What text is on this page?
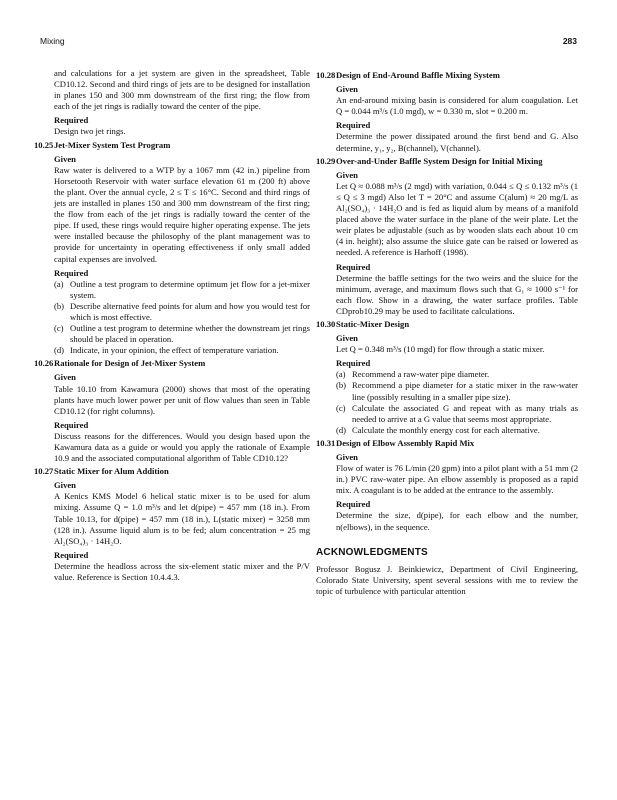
Mixing	283

and calculations for a jet system are given in the spreadsheet, Table CD10.12. Second and third rings of jets are to be designed for installation in planes 150 and 300 mm downstream of the first ring; the flow from each of the jet rings is radially toward the center of the pipe.

Required

Design two jet rings.

10.25 Jet-Mixer System Test Program
Given

Raw water is delivered to a WTP by a 1067 mm (42 in.) pipeline from Horsetooth Reservoir with water surface elevation 61 m (200 ft) above the plant. Over the annual cycle, 2 ≤ T ≤ 16°C. Second and third rings of jets are installed in planes 150 and 300 mm downstream of the first ring; the flow from each of the jet rings is radially toward the center of the pipe. If used, these rings would require higher operating expense. The jets were installed because the philosophy of the plant management was to provide for uncertainty in operating effectiveness if only small added capital expenses are involved.

Required
(a) Outline a test program to determine optimum jet flow for a jet-mixer system.
(b) Describe alternative feed points for alum and how you would test for which is most effective.
(c) Outline a test program to determine whether the downstream jet rings should be placed in operation.
(d) Indicate, in your opinion, the effect of temperature variation.
10.26 Rationale for Design of Jet-Mixer System
Given

Table 10.10 from Kawamura (2000) shows that most of the operating plants have much lower power per unit of flow values than seen in Table CD10.12 (for right columns).

Required

Discuss reasons for the differences. Would you design based upon the Kawamura data as a guide or would you apply the rationale of Example 10.9 and the associated computational algorithm of Table CD10.12?

10.27 Static Mixer for Alum Addition
Given

A Kenics KMS Model 6 helical static mixer is to be used for alum mixing. Assume Q = 1.0 m³/s and let d(pipe) = 457 mm (18 in.). From Table 10.13, for d(pipe) = 457 mm (18 in.), L(static mixer) = 3258 mm (128 in.). Assume liquid alum is to be fed; alum concentration = 25 mg Al₂(SO₄)₃ · 14H₂O.

Required

Determine the headloss across the six-element static mixer and the P/V value. Reference is Section 10.4.4.3.

10.28 Design of End-Around Baffle Mixing System
Given

An end-around mixing basin is considered for alum coagulation. Let Q = 0.044 m³/s (1.0 mgd), w = 0.330 m, slot = 0.200 m.

Required

Determine the power dissipated around the first bend and G. Also determine, y₁, y₂, B(channel), V(channel).

10.29 Over-and-Under Baffle System Design for Initial Mixing
Given

Let Q ≈ 0.088 m³/s (2 mgd) with variation, 0.044 ≤ Q ≤ 0.132 m³/s (1 ≤ Q ≤ 3 mgd) Also let T = 20°C and assume C(alum) ≈ 20 mg/L as Al₂(SO₄)₃ · 14H₂O and is fed as liquid alum by means of a manifold placed above the water surface in the plane of the weir plate. Let the weir plates be adjustable (such as by wooden slats each about 10 cm (4 in. height); also assume the sluice gate can be raised or lowered as needed. A reference is Harhoff (1998).

Required

Determine the baffle settings for the two weirs and the sluice for the minimum, average, and maximum flows such that G₁ ≈ 1000 s⁻¹ for each flow. Show in a drawing, the water surface profiles. Table CDprob10.29 may be used to facilitate calculations.

10.30 Static-Mixer Design
Given

Let Q = 0.348 m³/s (10 mgd) for flow through a static mixer.

Required
(a) Recommend a raw-water pipe diameter.
(b) Recommend a pipe diameter for a static mixer in the raw-water line (possibly resulting in a smaller pipe size).
(c) Calculate the associated G and repeat with as many trials as needed to arrive at a G value that seems most appropriate.
(d) Calculate the monthly energy cost for each alternative.
10.31 Design of Elbow Assembly Rapid Mix
Given

Flow of water is 76 L/min (20 gpm) into a pilot plant with a 51 mm (2 in.) PVC raw-water pipe. An elbow assembly is proposed as a rapid mix. A coagulant is to be added at the entrance to the assembly.

Required

Determine the size, d(pipe), for each elbow and the number, n(elbows), in the sequence.

ACKNOWLEDGMENTS

Professor Bogusz J. Beinkiewicz, Department of Civil Engineering, Colorado State University, spent several sessions with me to review the topic of turbulence with particular attention
